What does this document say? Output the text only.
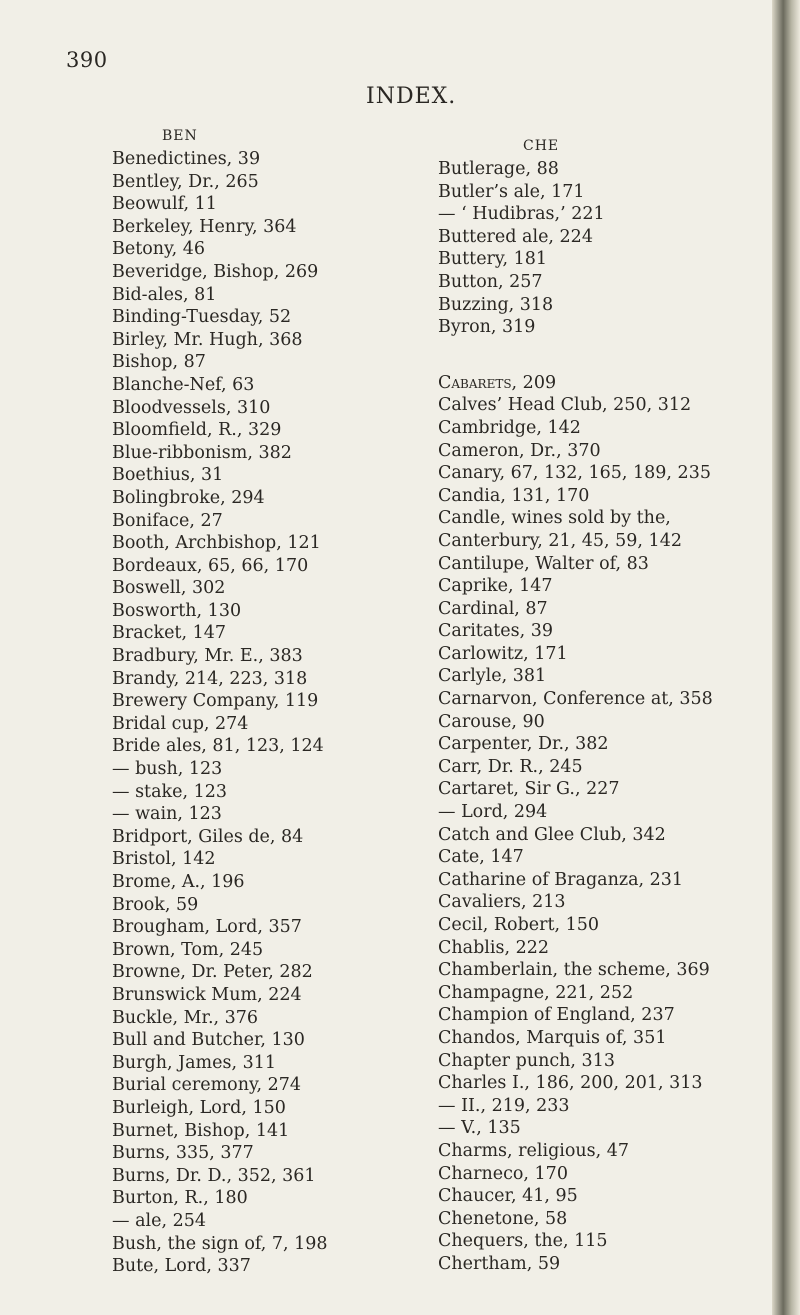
390
INDEX.
BEN
Benedictines, 39
Bentley, Dr., 265
Beowulf, 11
Berkeley, Henry, 364
Betony, 46
Beveridge, Bishop, 269
Bid-ales, 81
Binding-Tuesday, 52
Birley, Mr. Hugh, 368
Bishop, 87
Blanche-Nef, 63
Bloodvessels, 310
Bloomfield, R., 329
Blue-ribbonism, 382
Boethius, 31
Bolingbroke, 294
Boniface, 27
Booth, Archbishop, 121
Bordeaux, 65, 66, 170
Boswell, 302
Bosworth, 130
Bracket, 147
Bradbury, Mr. E., 383
Brandy, 214, 223, 318
Brewery Company, 119
Bridal cup, 274
Bride ales, 81, 123, 124
— bush, 123
— stake, 123
— wain, 123
Bridport, Giles de, 84
Bristol, 142
Brome, A., 196
Brook, 59
Brougham, Lord, 357
Brown, Tom, 245
Browne, Dr. Peter, 282
Brunswick Mum, 224
Buckle, Mr., 376
Bull and Butcher, 130
Burgh, James, 311
Burial ceremony, 274
Burleigh, Lord, 150
Burnet, Bishop, 141
Burns, 335, 377
Burns, Dr. D., 352, 361
Burton, R., 180
— ale, 254
Bush, the sign of, 7, 198
Bute, Lord, 337
CHE
Butlerage, 88
Butler’s ale, 171
— ‘ Hudibras,’ 221
Buttered ale, 224
Buttery, 181
Button, 257
Buzzing, 318
Byron, 319
Cabarets, 209
Calves’ Head Club, 250, 312
Cambridge, 142
Cameron, Dr., 370
Canary, 67, 132, 165, 189, 235
Candia, 131, 170
Candle, wines sold by the,
Canterbury, 21, 45, 59, 142
Cantilupe, Walter of, 83
Caprike, 147
Cardinal, 87
Caritates, 39
Carlowitz, 171
Carlyle, 381
Carnarvon, Conference at, 358
Carouse, 90
Carpenter, Dr., 382
Carr, Dr. R., 245
Cartaret, Sir G., 227
— Lord, 294
Catch and Glee Club, 342
Cate, 147
Catharine of Braganza, 231
Cavaliers, 213
Cecil, Robert, 150
Chablis, 222
Chamberlain, the scheme, 369
Champagne, 221, 252
Champion of England, 237
Chandos, Marquis of, 351
Chapter punch, 313
Charles I., 186, 200, 201, 313
— II., 219, 233
— V., 135
Charms, religious, 47
Charneco, 170
Chaucer, 41, 95
Chenetone, 58
Chequers, the, 115
Chertham, 59
